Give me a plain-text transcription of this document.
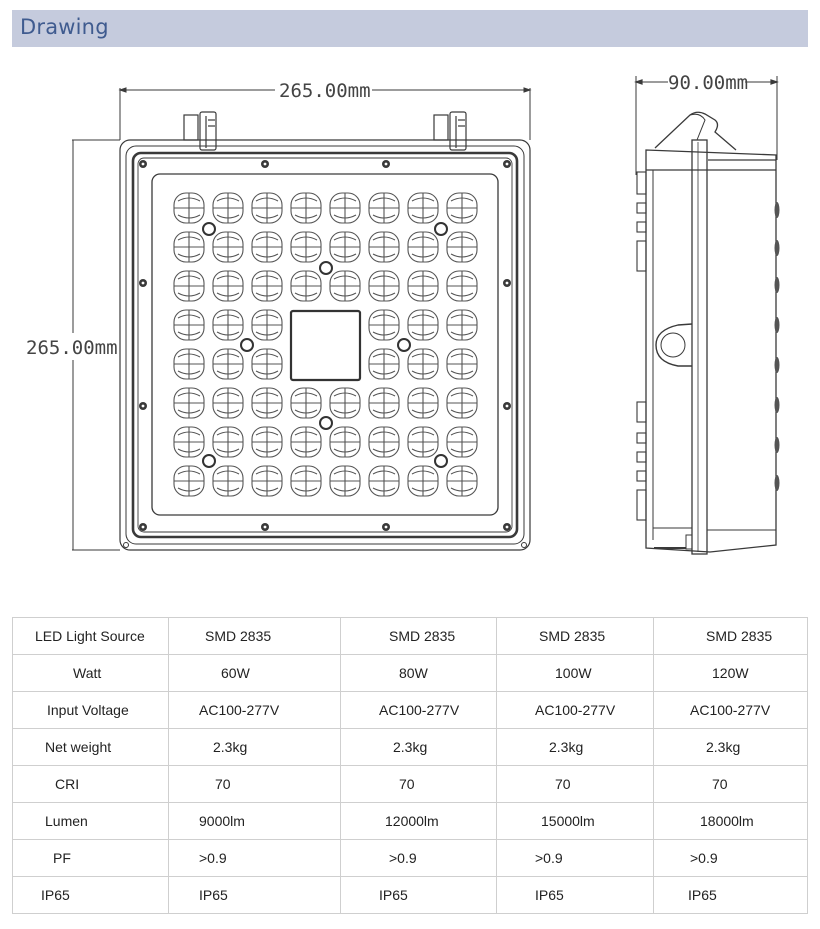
Drawing
265.00mm
265.00mm
90.00mm
LED Light Source	SMD 2835	SMD 2835	SMD 2835	SMD 2835
Watt	60W	80W	100W	120W
Input Voltage	AC100-277V	AC100-277V	AC100-277V	AC100-277V
Net weight	2.3kg	2.3kg	2.3kg	2.3kg
CRI	70	70	70	70
Lumen	9000lm	12000lm	15000lm	18000lm
PF	>0.9	>0.9	>0.9	>0.9
IP65	IP65	IP65	IP65	IP65
